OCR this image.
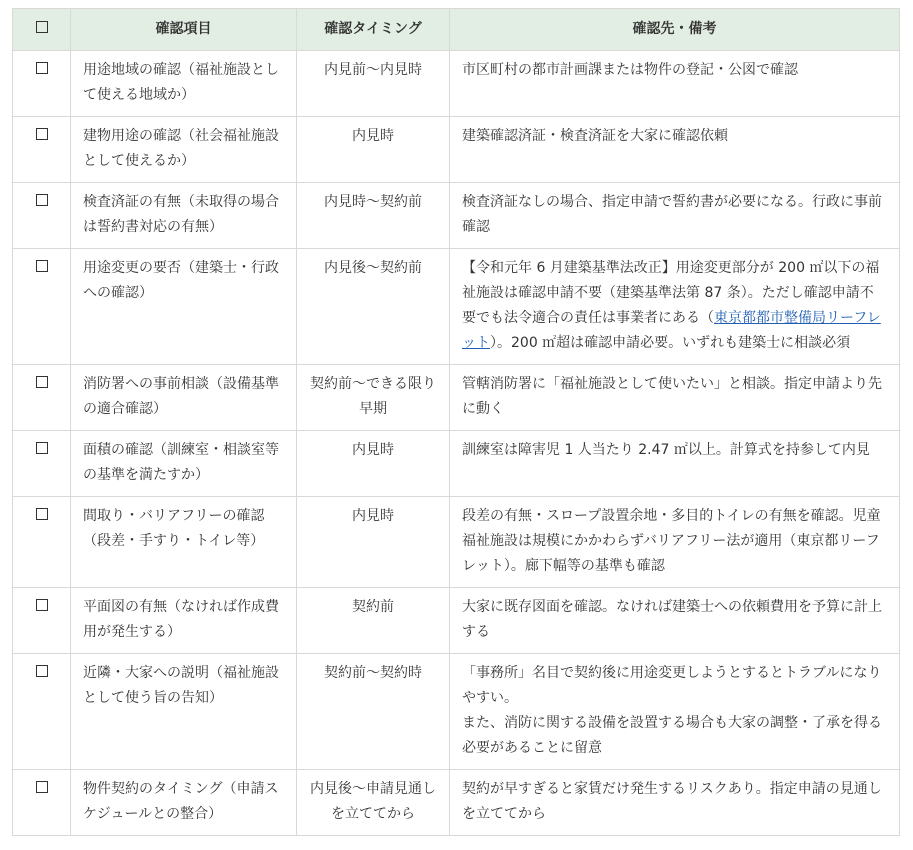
	確認項目	確認タイミング	確認先・備考
	用途地域の確認（福祉施設として使える地域か）	内見前〜内見時	市区町村の都市計画課または物件の登記・公図で確認
	建物用途の確認（社会福祉施設として使えるか）	内見時	建築確認済証・検査済証を大家に確認依頼
	検査済証の有無（未取得の場合は誓約書対応の有無）	内見時〜契約前	検査済証なしの場合、指定申請で誓約書が必要になる。行政に事前確認
	用途変更の要否（建築士・行政への確認）	内見後〜契約前	【令和元年 6 月建築基準法改正】用途変更部分が 200 ㎡以下の福祉施設は確認申請不要（建築基準法第 87 条）。ただし確認申請不要でも法令適合の責任は事業者にある（東京都都市整備局リーフレット）。200 ㎡超は確認申請必要。いずれも建築士に相談必須
	消防署への事前相談（設備基準の適合確認）	契約前〜できる限り早期	管轄消防署に「福祉施設として使いたい」と相談。指定申請より先に動く
	面積の確認（訓練室・相談室等の基準を満たすか）	内見時	訓練室は障害児 1 人当たり 2.47 ㎡以上。計算式を持参して内見
	間取り・バリアフリーの確認（段差・手すり・トイレ等）	内見時	段差の有無・スロープ設置余地・多目的トイレの有無を確認。児童福祉施設は規模にかかわらずバリアフリー法が適用（東京都リーフレット）。廊下幅等の基準も確認
	平面図の有無（なければ作成費用が発生する）	契約前	大家に既存図面を確認。なければ建築士への依頼費用を予算に計上する
	近隣・大家への説明（福祉施設として使う旨の告知）	契約前〜契約時	「事務所」名目で契約後に用途変更しようとするとトラブルになりやすい。
また、消防に関する設備を設置する場合も大家の調整・了承を得る必要があることに留意

	物件契約のタイミング（申請スケジュールとの整合）	内見後〜申請見通しを立ててから	契約が早すぎると家賃だけ発生するリスクあり。指定申請の見通しを立ててから
